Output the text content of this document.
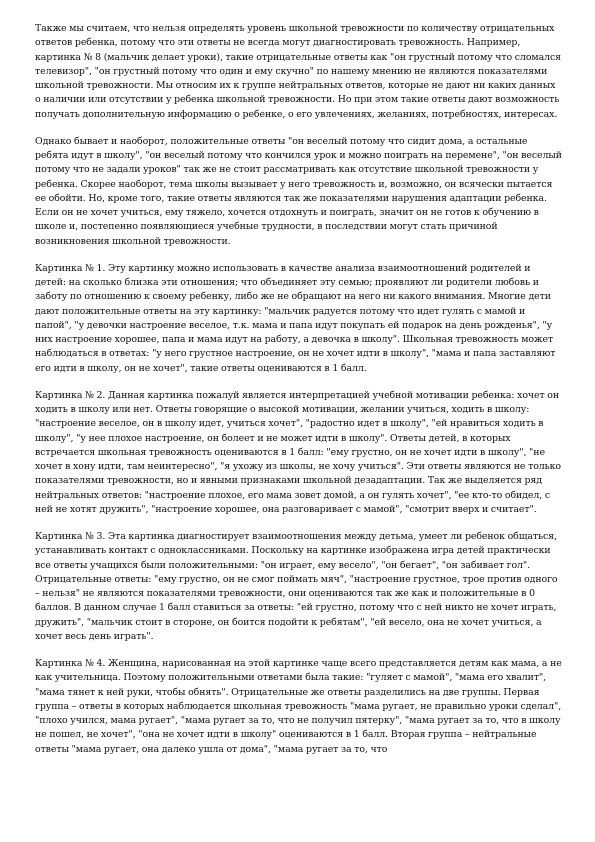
Также мы считаем, что нельзя определять уровень школьной тревожности по количеству отрицательных ответов ребенка, потому что эти ответы не всегда могут диагностировать тревожность. Например, картинка № 8 (мальчик делает уроки), такие отрицательные ответы как "он грустный потому что сломался телевизор", "он грустный потому что один и ему скучно" по нашему мнению не являются показателями школьной тревожности. Мы относим их к группе нейтральных ответов, которые не дают ни каких данных о наличии или отсутствии у ребенка школьной тревожности. Но при этом такие ответы дают возможность получать дополнительную информацию о ребенке, о его увлечениях, желаниях, потребностях, интересах.

Однако бывает и наоборот, положительные ответы "он веселый потому что сидит дома, а остальные ребята идут в школу", "он веселый потому что кончился урок и можно поиграть на перемене", "он веселый потому что не задали уроков" так же не стоит рассматривать как отсутствие школьной тревожности у ребенка. Скорее наоборот, тема школы вызывает у него тревожность и, возможно, он всячески пытается ее обойти. Но, кроме того, такие ответы являются так же показателями нарушения адаптации ребенка. Если он не хочет учиться, ему тяжело, хочется отдохнуть и поиграть, значит он не готов к обучению в школе и, постепенно появляющиеся учебные трудности, в последствии могут стать причиной возникновения школьной тревожности.

Картинка № 1. Эту картинку можно использовать в качестве анализа взаимоотношений родителей и детей: на сколько близка эти отношения; что объединяет эту семью; проявляют ли родители любовь и заботу по отношению к своему ребенку, либо же не обращают на него ни какого внимания. Многие дети дают положительные ответы на эту картинку: "мальчик радуется потому что идет гулять с мамой и папой", "у девочки настроение веселое, т.к. мама и папа идут покупать ей подарок на день рожденья", "у них настроение хорошее, папа и мама идут на работу, а девочка в школу". Школьная тревожность может наблюдаться в ответах: "у него грустное настроение, он не хочет идти в школу", "мама и папа заставляют его идти в школу, он не хочет", такие ответы оцениваются в 1 балл.

Картинка № 2. Данная картинка пожалуй является интерпретацией учебной мотивации ребенка: хочет он ходить в школу или нет. Ответы говорящие о высокой мотивации, желании учиться, ходить в школу: "настроение веселое, он в школу идет, учиться хочет", "радостно идет в школу", "ей нравиться ходить в школу", "у нее плохое настроение, он болеет и не может идти в школу". Ответы детей, в которых встречается школьная тревожность оцениваются в 1 балл: "ему грустно, он не хочет идти в школу", "не хочет в хону идти, там неинтересно", "я ухожу из школы, не хочу учиться". Эти ответы являются не только показателями тревожности, но и явными признаками школьной дезадаптации. Так же выделяется ряд нейтральных ответов: "настроение плохое, его мама зовет домой, а он гулять хочет", "ее кто-то обидел, с ней не хотят дружить", "настроение хорошее, она разговаривает с мамой", "смотрит вверх и считает".

Картинка № 3. Эта картинка диагностирует взаимоотношения между детьма, умеет ли ребенок общаться, устанавливать контакт с одноклассниками. Поскольку на картинке изображена игра детей практически все ответы учащихся были положительными: "он играет, ему весело", "он бегает", "он забивает гол". Отрицательные ответы: "ему грустно, он не смог поймать мяч", "настроение грустное, трое против одного – нельзя" не являются показателями тревожности, они оцениваются так же как и положительные в 0 баллов. В данном случае 1 балл ставиться за ответы: "ей грустно, потому что с ней никто не хочет играть, дружить", "мальчик стоит в стороне, он боится подойти к ребятам", "ей весело, она не хочет учиться, а хочет весь день играть".

Картинка № 4. Женщина, нарисованная на этой картинке чаще всего представляется детям как мама, а не как учительница. Поэтому положительными ответами была такие: "гуляет с мамой", "мама его хвалит", "мама тянет к ней руки, чтобы обнять". Отрицательные же ответы разделились на две группы. Первая группа – ответы в которых наблюдается школьная тревожность "мама ругает, не правильно уроки сделал", "плохо учился, мама ругает", "мама ругает за то, что не получил пятерку", "мама ругает за то, что в школу не пошел, не хочет", "она не хочет идти в школу" оцениваются в 1 балл. Вторая группа – нейтральные ответы "мама ругает, она далеко ушла от дома", "мама ругает за то, что
